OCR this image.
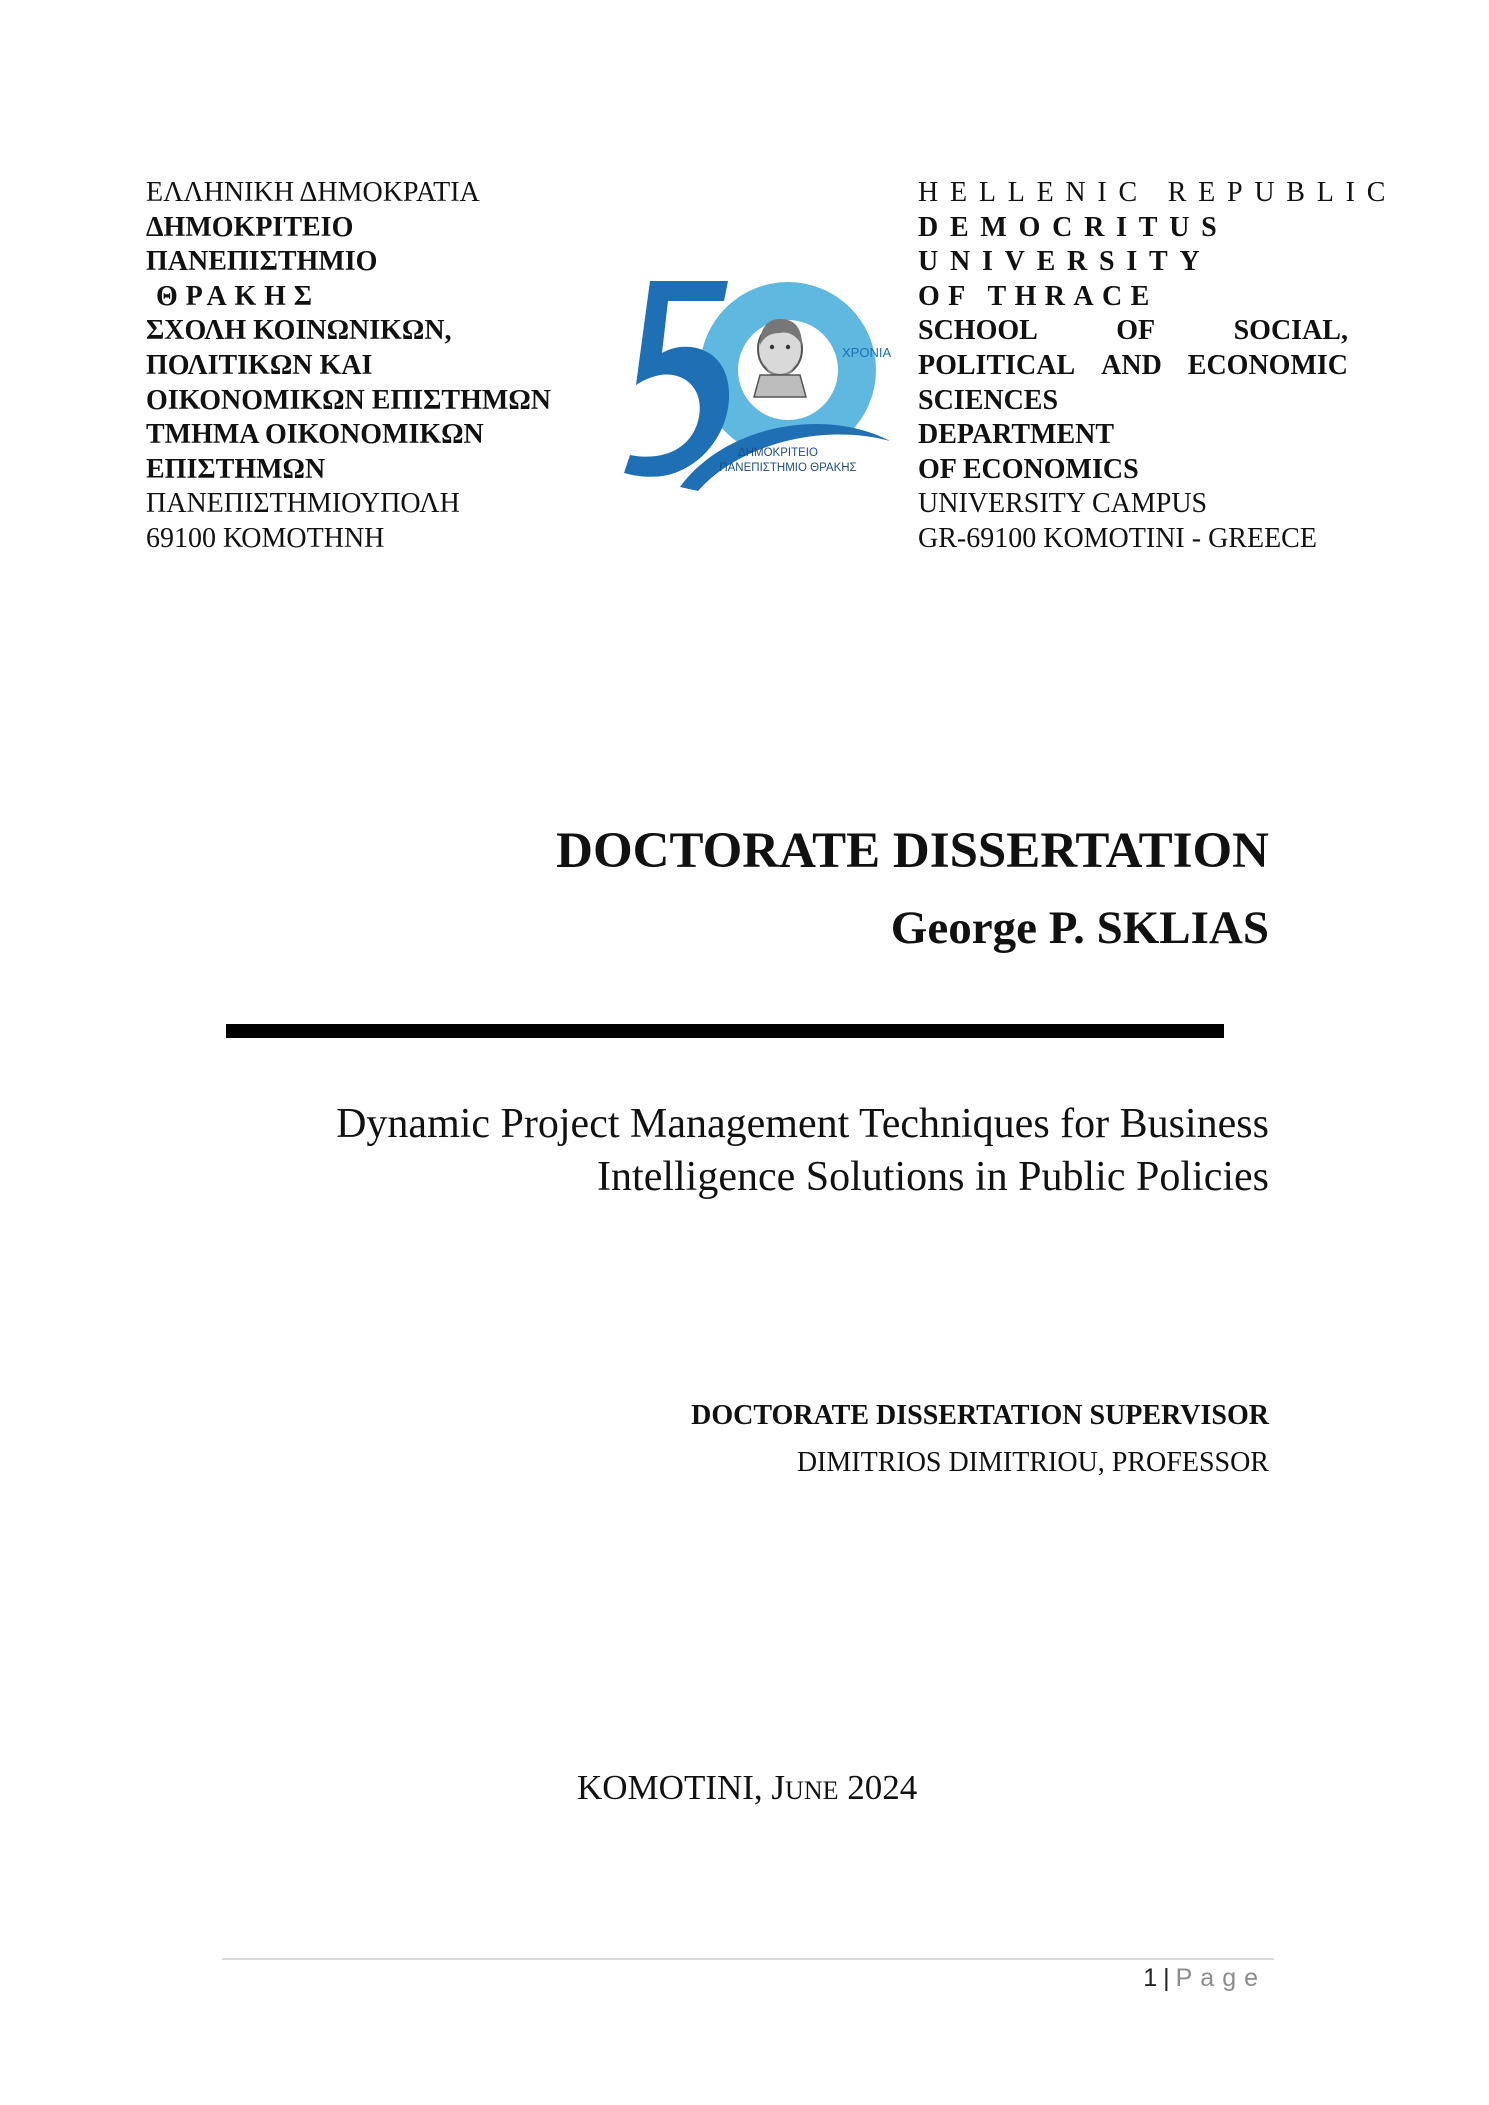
ΕΛΛΗΝΙΚΗ ΔΗΜΟΚΡΑΤΙΑ
ΔΗΜΟΚΡΙΤΕΙΟ
ΠΑΝΕΠΙΣΤΗΜΙΟ
ΘΡΑΚΗΣ
ΣΧΟΛΗ ΚΟΙΝΩΝΙΚΩΝ,
ΠΟΛΙΤΙΚΩΝ ΚΑΙ
ΟΙΚΟΝΟΜΙΚΩΝ ΕΠΙΣΤΗΜΩΝ
ΤΜΗΜΑ ΟΙΚΟΝΟΜΙΚΩΝ
ΕΠΙΣΤΗΜΩΝ
ΠΑΝΕΠΙΣΤΗΜΙΟΥΠΟΛΗ
69100 ΚΟΜΟΤΗΝΗ
ΧΡΟΝΙΑ
ΔΗΜΟΚΡΙΤΕΙΟ
ΠΑΝΕΠΙΣΤΗΜΙΟ ΘΡΑΚΗΣ
HELLENIC REPUBLIC
DEMOCRITUS
UNIVERSITY
OF THRACE
SCHOOL	OF	SOCIAL,
POLITICAL AND ECONOMIC
SCIENCES
DEPARTMENT
OF ECONOMICS
UNIVERSITY CAMPUS
GR-69100 KOMOTINI - GREECE
DOCTORATE DISSERTATION
George P. SKLIAS
Dynamic Project Management Techniques for Business
Intelligence Solutions in Public Policies
DOCTORATE DISSERTATION SUPERVISOR
DIMITRIOS DIMITRIOU, PROFESSOR
KOMOTINI, JUNE 2024
1 | Page
